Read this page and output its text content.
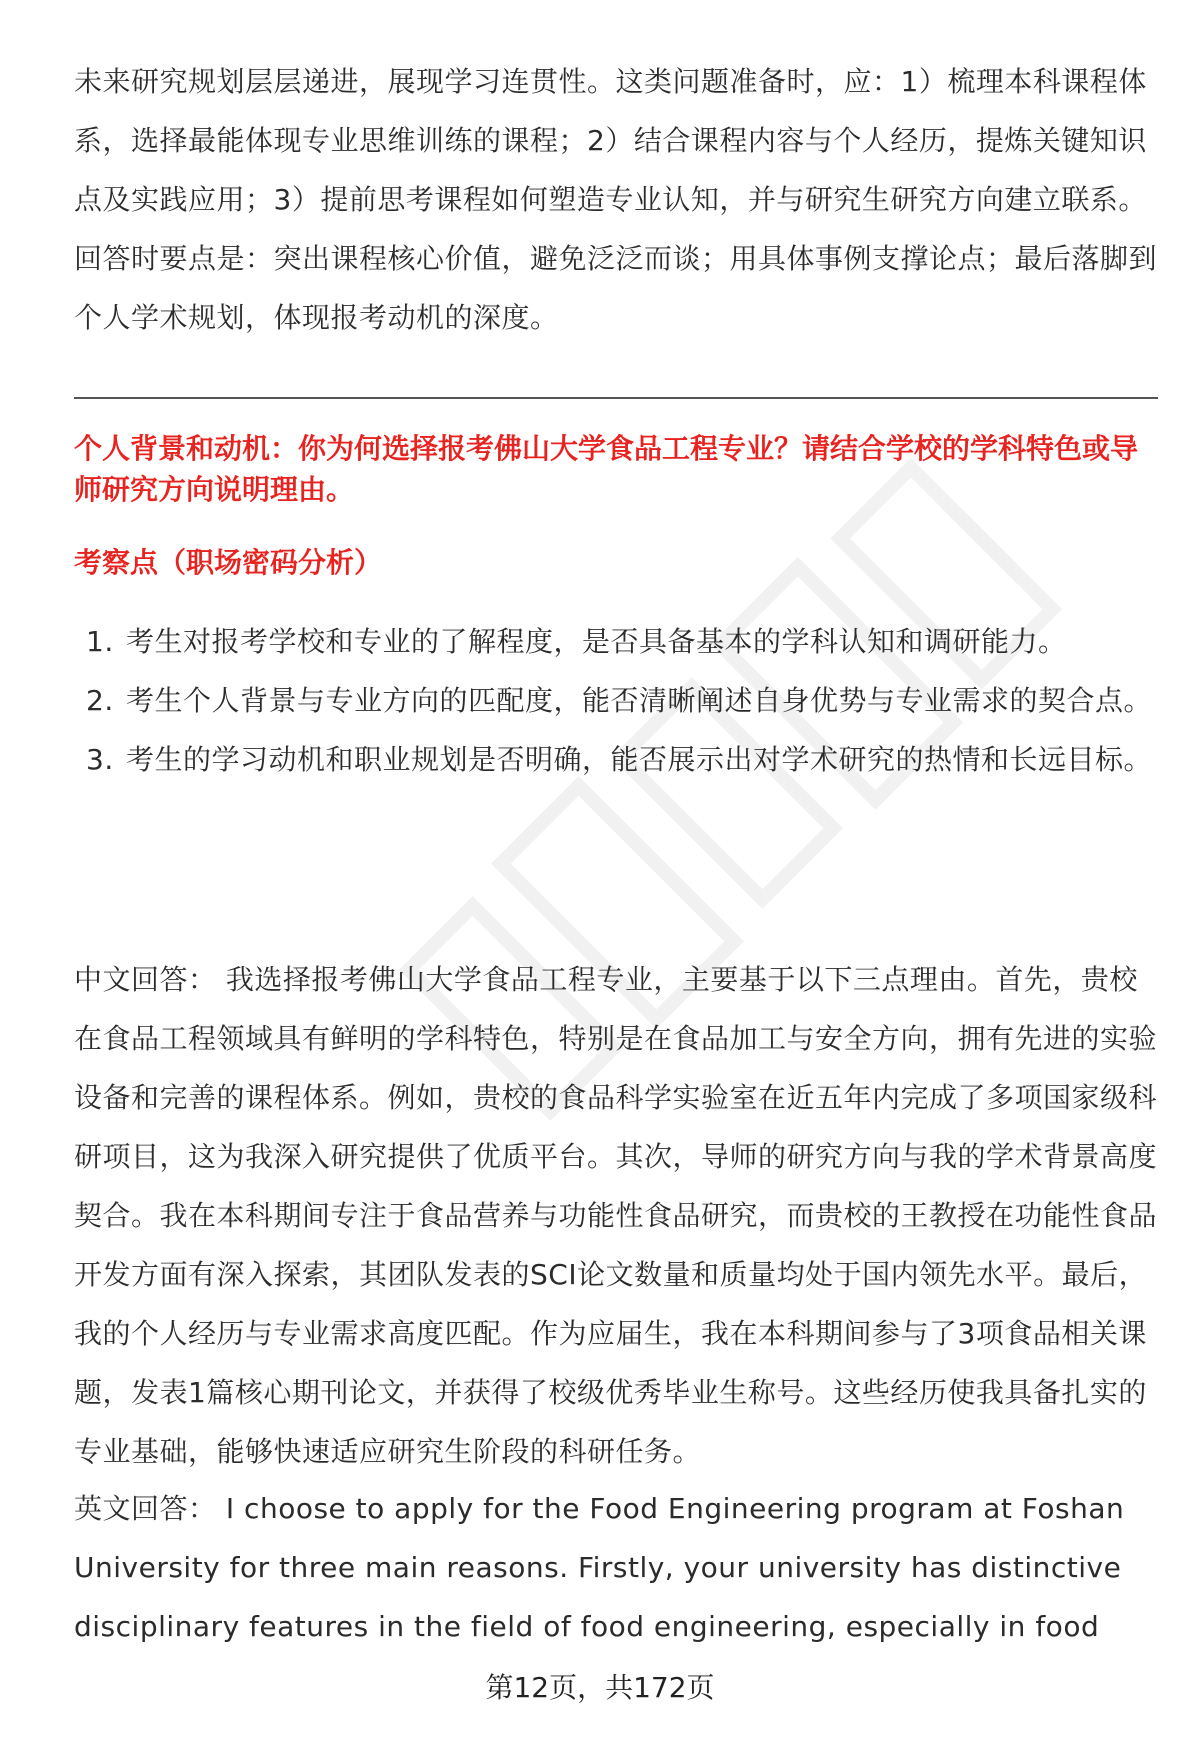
未来研究规划层层递进，展现学习连贯性。这类问题准备时，应：1）梳理本科课程体系，选择最能体现专业思维训练的课程；2）结合课程内容与个人经历，提炼关键知识点及实践应用；3）提前思考课程如何塑造专业认知，并与研究生研究方向建立联系。回答时要点是：突出课程核心价值，避免泛泛而谈；用具体事例支撑论点；最后落脚到个人学术规划，体现报考动机的深度。

个人背景和动机：你为何选择报考佛山大学食品工程专业？请结合学校的学科特色或导师研究方向说明理由。

考察点（职场密码分析）

1. 考生对报考学校和专业的了解程度，是否具备基本的学科认知和调研能力。
2. 考生个人背景与专业方向的匹配度，能否清晰阐述自身优势与专业需求的契合点。
3. 考生的学习动机和职业规划是否明确，能否展示出对学术研究的热情和长远目标。

中文回答： 我选择报考佛山大学食品工程专业，主要基于以下三点理由。首先，贵校在食品工程领域具有鲜明的学科特色，特别是在食品加工与安全方向，拥有先进的实验设备和完善的课程体系。例如，贵校的食品科学实验室在近五年内完成了多项国家级科研项目，这为我深入研究提供了优质平台。其次，导师的研究方向与我的学术背景高度契合。我在本科期间专注于食品营养与功能性食品研究，而贵校的王教授在功能性食品开发方面有深入探索，其团队发表的SCI论文数量和质量均处于国内领先水平。最后，我的个人经历与专业需求高度匹配。作为应届生，我在本科期间参与了3项食品相关课题，发表1篇核心期刊论文，并获得了校级优秀毕业生称号。这些经历使我具备扎实的专业基础，能够快速适应研究生阶段的科研任务。

英文回答： I choose to apply for the Food Engineering program at Foshan University for three main reasons. Firstly, your university has distinctive disciplinary features in the field of food engineering, especially in food

第12页，共172页
